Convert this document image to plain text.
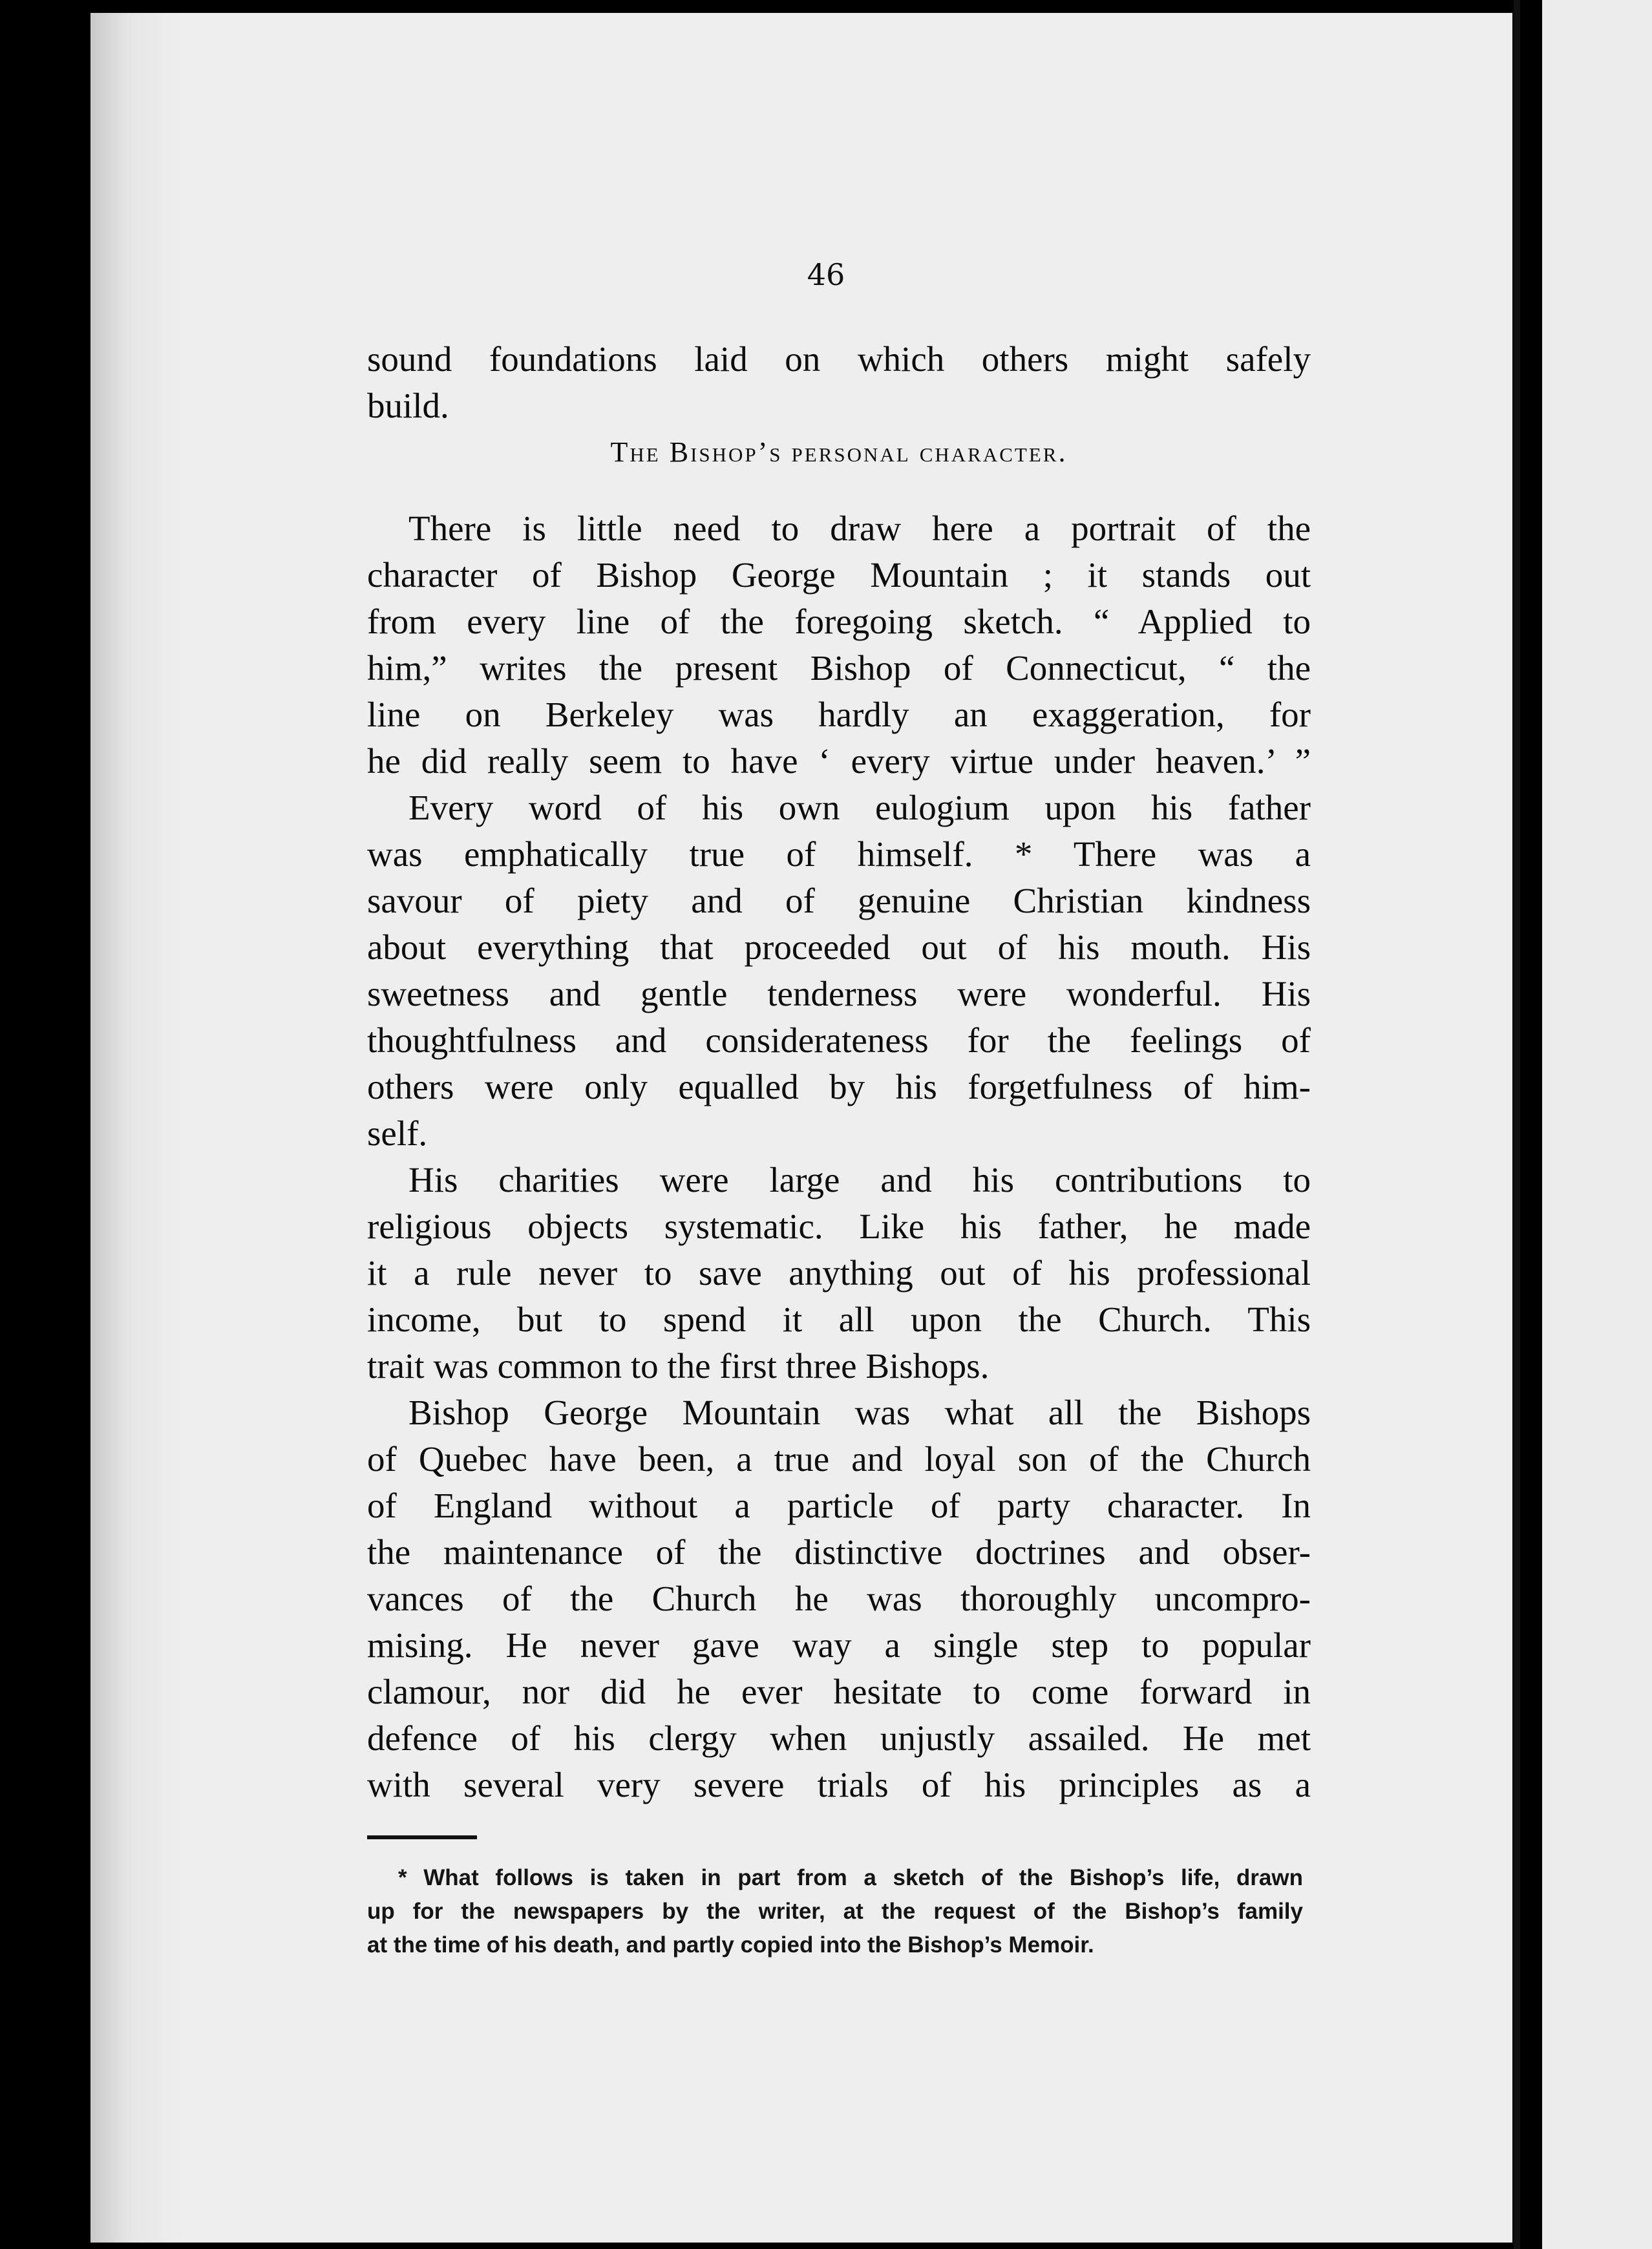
46
sound foundations laid on which others might safely
build.
The Bishop’s personal character.
There is little need to draw here a portrait of the
character of Bishop George Mountain ; it stands out
from every line of the foregoing sketch. “ Applied to
him,” writes the present Bishop of Connecticut, “ the
line on Berkeley was hardly an exaggeration, for
he did really seem to have ‘ every virtue under heaven.’ ”
Every word of his own eulogium upon his father
was emphatically true of himself. * There was a
savour of piety and of genuine Christian kindness
about everything that proceeded out of his mouth. His
sweetness and gentle tenderness were wonderful. His
thoughtfulness and considerateness for the feelings of
others were only equalled by his forgetfulness of him-
self.
His charities were large and his contributions to
religious objects systematic. Like his father, he made
it a rule never to save anything out of his professional
income, but to spend it all upon the Church. This
trait was common to the first three Bishops.
Bishop George Mountain was what all the Bishops
of Quebec have been, a true and loyal son of the Church
of England without a particle of party character. In
the maintenance of the distinctive doctrines and obser-
vances of the Church he was thoroughly uncompro-
mising. He never gave way a single step to popular
clamour, nor did he ever hesitate to come forward in
defence of his clergy when unjustly assailed. He met
with several very severe trials of his principles as a
* What follows is taken in part from a sketch of the Bishop’s life, drawn
up for the newspapers by the writer, at the request of the Bishop’s family
at the time of his death, and partly copied into the Bishop’s Memoir.
